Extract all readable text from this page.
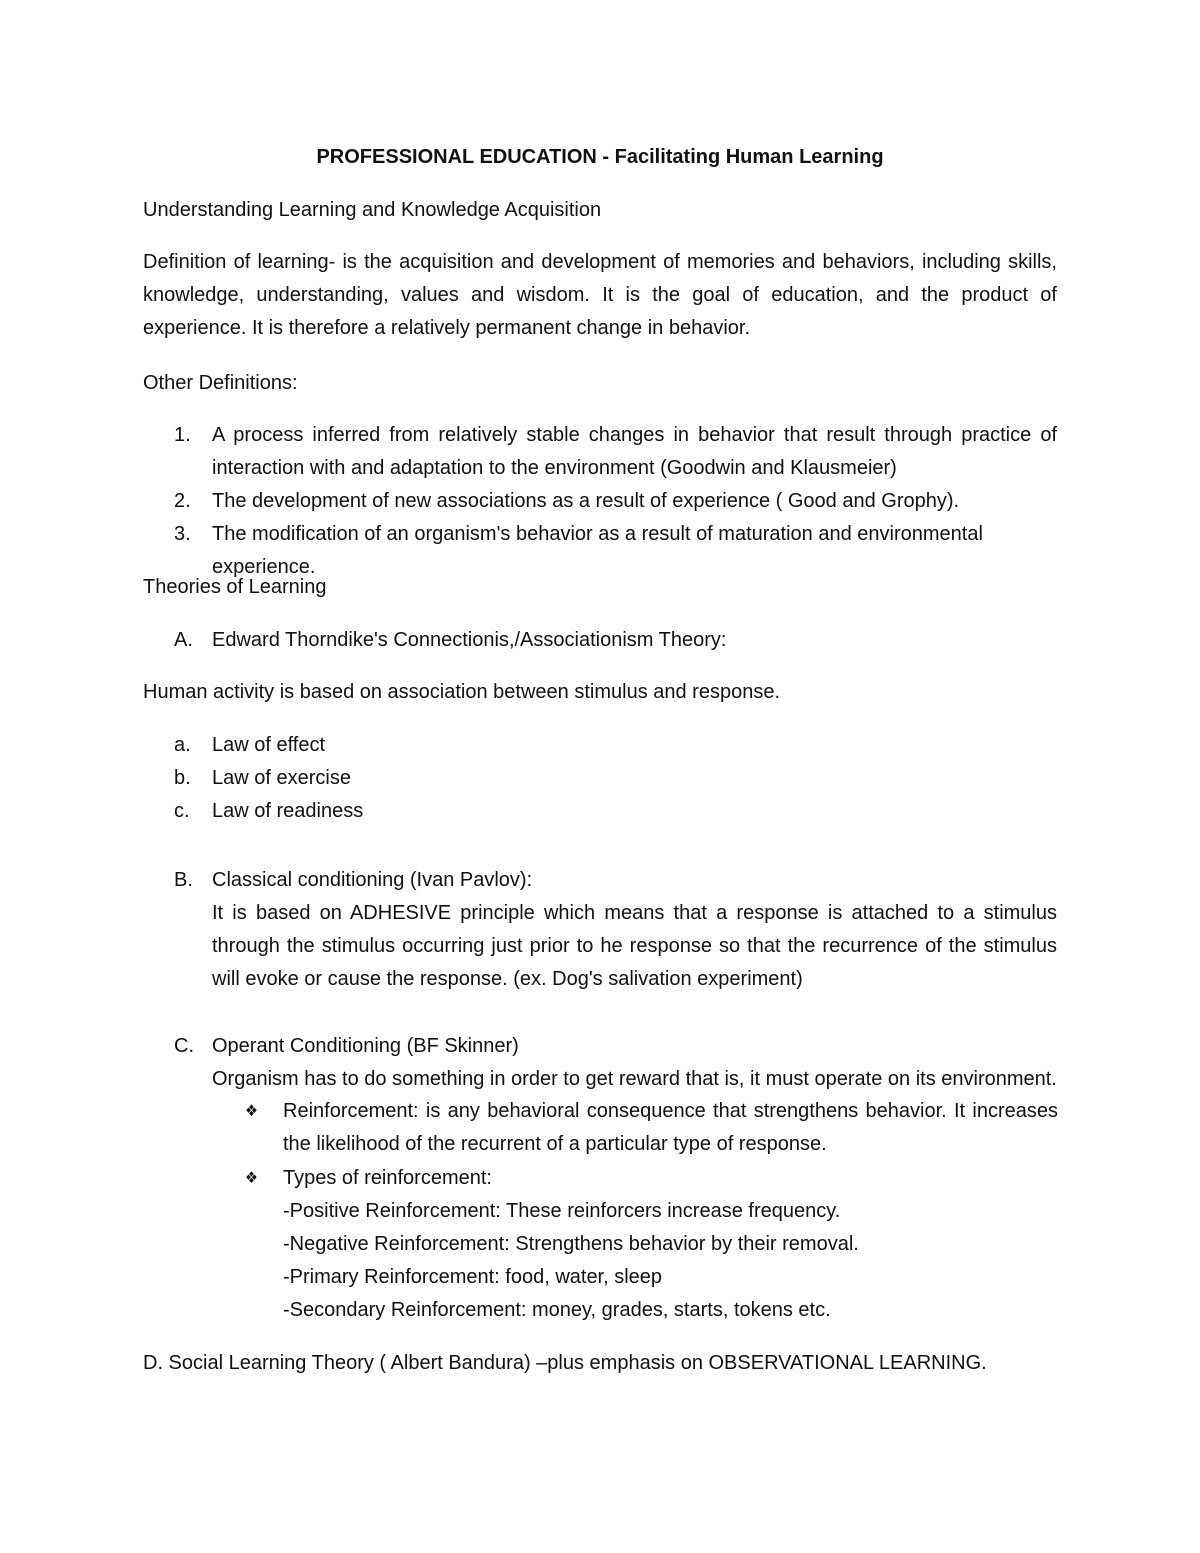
PROFESSIONAL EDUCATION - Facilitating Human Learning
Understanding Learning and Knowledge Acquisition
Definition of learning- is the acquisition and development of memories and behaviors, including skills, knowledge, understanding, values and wisdom. It is the goal of education, and the product of experience. It is therefore a relatively permanent change in behavior.
Other Definitions:
1. A process inferred from relatively stable changes in behavior that result through practice of interaction with and adaptation to the environment (Goodwin and Klausmeier)
2. The development of new associations as a result of experience ( Good and Grophy).
3. The modification of an organism's behavior as a result of maturation and environmental experience.
Theories of Learning
A. Edward Thorndike's Connectionis,/Associationism Theory:
Human activity is based on association between stimulus and response.
a. Law of effect
b. Law of exercise
c. Law of readiness
B. Classical conditioning (Ivan Pavlov):
It is based on ADHESIVE principle which means that a response is attached to a stimulus through the stimulus occurring just prior to he response so that the recurrence of the stimulus will evoke or cause the response. (ex. Dog's salivation experiment)
C. Operant Conditioning (BF Skinner)
Organism has to do something in order to get reward that is, it must operate on its environment.
❖ Reinforcement: is any behavioral consequence that strengthens behavior. It increases the likelihood of the recurrent of a particular type of response.
❖ Types of reinforcement:
-Positive Reinforcement: These reinforcers increase frequency.
-Negative Reinforcement: Strengthens behavior by their removal.
-Primary Reinforcement: food, water, sleep
-Secondary Reinforcement: money, grades, starts, tokens etc.
D. Social Learning Theory ( Albert Bandura) –plus emphasis on OBSERVATIONAL LEARNING.
